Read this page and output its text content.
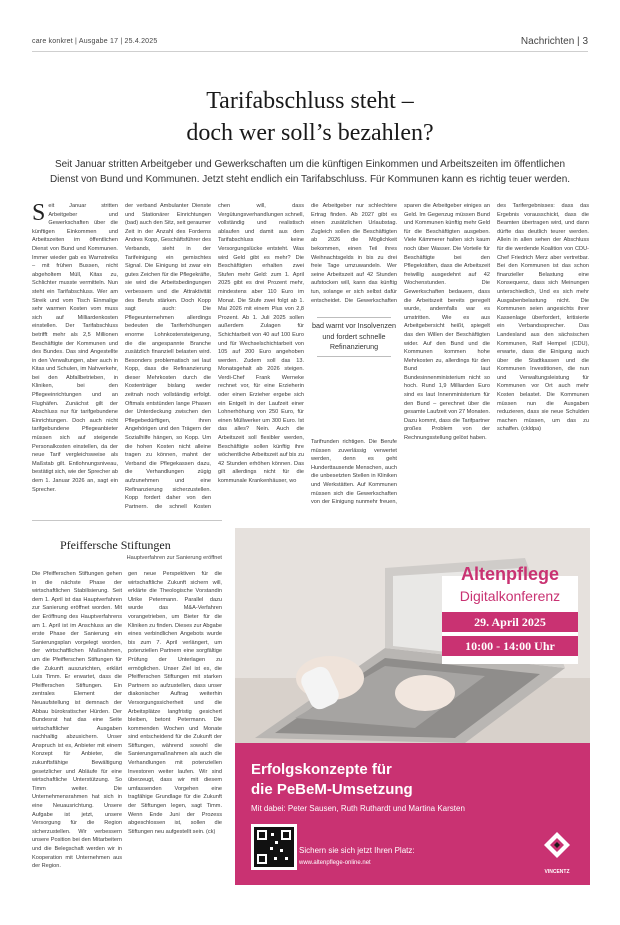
care konkret | Ausgabe 17 | 25.4.2025	Nachrichten | 3
Tarifabschluss steht –
doch wer soll’s bezahlen?
Seit Januar stritten Arbeitgeber und Gewerkschaften um die künftigen Einkommen und Arbeitszeiten im öffentlichen Dienst von Bund und Kommunen. Jetzt steht endlich ein Tarifabschluss. Für Kommunen kann es richtig teuer werden.
S eit Januar stritten Arbeitgeber und Gewerkschaften über die künftigen Einkommen und Arbeitszeiten im öffentlichen Dienst von Bund und Kommunen. Immer wieder gab es Warnstreiks – mit frühen Bussen, nicht abgeholtem Müll, Kitas zu, Schlichter musste vermitteln. Nun steht ein Tarifabschluss. Wer am Streik und vom Tisch Einmalige sehr warmen Kosten vom muss sich auf Milliardenkosten einstellen. Der Tarifabschluss betrifft mehr als 2,5 Millionen Beschäftigte der Kommunen und des Bundes. Das sind Angestellte in den Verwaltungen, aber auch in Kitas und Schulen, im Nahverkehr, bei den Abfallbetrieben, in Kliniken, bei den Pflegeeinrichtungen und an Flughäfen. Zunächst gilt der Abschluss nur für tarifgebundene Einrichtungen. Doch auch nicht tarifgebundene Pflegeanbieter müssen sich auf steigende Personalkosten einstellen, da der neue Tarif vergleichsweise als Maßstab gilt. Entlohnungsniveau, bestätigt sich, wie der Sprecher ab dem 1. Januar 2026 an, sagt ein Sprecher.
der verband Ambulanter Dienste und Stationärer Einrichtungen (bad) auch den Sitz, seit geraumer Zeit in der Anzahl des Forderns Andres Kopp, Geschäftsführer des Verbands, sieht in der Tarifeinigung ein gemischtes Signal. Die Einigung ist zwar ein gutes Zeichen für die Pflegekräfte, sie wird die Arbeitsbedingungen verbessern und die Attraktivität des Berufs stärken. Doch Kopp sagt auch: Die Pflegeunternehmen allerdings bedeuten die Tariferhöhungen enorme Lohnkostensteigerung, die die angespannte Branche zusätzlich finanziell belasten wird. Besonders problematisch sei laut Kopp, dass die Refinanzierung dieser Mehrkosten durch die Kostenträger bislang weder zeitnah noch vollständig erfolgt. Oftmals entstünden lange Phasen der Unterdeckung zwischen den Pflegebedürftigen, ihren Angehörigen und den Trägern der Sozialhilfe hängen, so Kopp. Um die hohen Kosten nicht alleine tragen zu können, mahnt der Verband die Pflegekassen dazu, die Verhandlungen zügig aufzunehmen und eine Refinanzierung sicherzustellen. Kopp fordert daher von den Partnern, die schnell Kosten
chen will, dass Vergütungsverhandlungen schnell, vollständig und realistisch ablaufen und damit aus dem Tarifabschluss keine Versorgungslücke entsteht. Was wird Geld gibt es mehr? Die Beschäftigten erhalten zwei Stufen mehr Geld: zum 1. April 2025 gibt es drei Prozent mehr, mindestens aber 110 Euro im Monat. Die Stufe zwei folgt ab 1. Mai 2026 mit einem Plus von 2,8 Prozent. Ab 1. Juli 2025 sollen außerdem Zulagen für Schichtarbeit von 40 auf 100 Euro und für Wechselschichtarbeit von 105 auf 200 Euro angehoben werden. Zudem soll das 13. Monatsgehalt ab 2026 steigen. Verdi-Chef Frank Werneke rechnet vor, für eine Erzieherin oder einen Erzieher ergebe sich ein Entgelt in der Laufzeit einer Lohnerhöhung von 250 Euro, für einen Müllwerker um 300 Euro. Ist das alles? Nein. Auch die Arbeitszeit soll flexibler werden, Beschäftigte sollen künftig ihre wöchentliche Arbeitszeit auf bis zu 42 Stunden erhöhen können. Das gilt allerdings nicht für die kommunale Krankenhäuser, wo
die Arbeitgeber nur schlechtere Ertrag finden. Ab 2027 gibt es einen zusätzlichen Urlaubstag. Zugleich sollen die Beschäftigten ab 2026 die Möglichkeit bekommen, einen Teil ihres Weihnachtsgelds in bis zu drei freie Tage umzuwandeln. Wer seine Arbeitszeit auf 42 Stunden aufstocken will, kann das künftig tun, solange er sich selbst dafür entscheidet. Die Gewerkschaften
bad warnt vor Insolvenzen und fordert schnelle Refinanzierung
Tarifrunden richtigen. Die Berufe müssen zuverlässig verwertet werden, denn es geht Hunderttausende Menschen, auch die unbesetzten Stellen in Kliniken und Werkstätten. Auf Kommunen müssen sich die Gewerkschaften von der Einigung nunmehr freuen,
sparen die Arbeitgeber einiges an Geld. Im Gegenzug müssen Bund und Kommunen künftig mehr Geld für die Beschäftigten ausgeben. Viele Kämmerer halten sich kaum noch über Wasser. Die Vorteile für Beschäftigte bei den Pflegekräften, dass die Arbeitszeit freiwillig ausgedehnt auf 42 Wochenstunden. Die Gewerkschaften bedauern, dass die Arbeitszeit bereits geregelt wurde, andernfalls war es umstritten. Wie es aus Arbeitgebersicht heißt, spiegelt das den Willen der Beschäftigten wider. Auf den Bund und die Kommunen kommen hohe Mehrkosten zu, allerdings für den Bund laut Bundesinnenministerium nicht so hoch. Rund 1,9 Milliarden Euro sind es laut Innenministerium für den Bund – gerechnet über die gesamte Laufzeit von 27 Monaten. Dazu kommt, dass die Tarifpartner großes Problem von der Rechnungsstellung gelöst haben.
des Tarifergebnisses: dass das Ergebnis vorausschickt, dass die Beamten übertragen wird, und dann dürfte das deutlich teurer werden. Allein in allen sehen der Abschluss für die werdende Koalition von CDU-Chef Friedrich Merz aber vertretbar. Bei den Kommunen ist das schon finanzieller Belastung eine Konsequenz, dass sich Meinungen unterschiedlich, Und es sich mehr Ausgabenbelastung nicht. Die Kommunen seien angesichts ihrer Kassenlage überfordert, kritisierte ein Verbandssprecher. Das Landesland aus den sächsischen Kommunen, Ralf Hempel (CDU), erwarte, dass die Einigung auch über die Stadtkassen und die Kommunen Investitionen, die nun und Verwaltungsleistung für Kommunen vor Ort auch mehr Kosten belastet. Die Kommunen müssen nun die Ausgaben reduzieren, dass sie neue Schulden machen müssen, um das zu schaffen. (ckldpa)
Pfeiffersche Stiftungen
Hauptverfahren zur Sanierung eröffnet
Die Pfeifferschen Stiftungen gehen in die nächste Phase der wirtschaftlichen Stabilisierung. Seit dem 1. April ist das Hauptverfahren zur Sanierung eröffnet worden. Mit der Eröffnung des Hauptverfahrens am 1. April ist im Anschluss an die erste Phase der Sanierung ein Sanierungsplan vorgelegt worden, der wirtschaftlichen Maßnahmen, um die Pfeifferschen Stiftungen für die Zukunft auszurichten, erklärt Luis Timm. Er erwartet, dass die Pfeifferschen Stiftungen. Ein zentrales Element der Neuaufstellung ist demnach der Abbau bürokratischer Hürden. Der Bundesrat hat das eine Seite wirtschaftlicher Ausgaben nachhaltig abzusichern. Unser Anspruch ist es, Anbieter mit einem Konzept für Anbieter, die zukunftsfähige Bewältigung gesetzlicher und Abläufe für eine wirtschaftliche Unterstützung. So Timm weiter. Die Unternehmensrahmen hat sich in eine Neuausrichtung. Unsere Aufgabe ist jetzt, unsere Versorgung für die Region sicherzustellen. Wir verbessern unsere Position bei den Mitarbeitern und die Belegschaft werden wir in Kooperation mit Unternehmen aus der Region.
gen neue Perspektiven für die wirtschaftliche Zukunft sichern will, erklärte die Theologische Vorstandin Ulrike Petermann. Parallel dazu wurde das M&A-Verfahren vorangetrieben, um Bieter für die Kliniken zu finden. Dieses zur Abgabe eines verbindlichen Angebots wurde bis zum 7. April verlängert, um potenziellen Partnern eine sorgfältige Prüfung der Unterlagen zu ermöglichen. Unser Ziel ist es, die Pfeifferschen Stiftungen mit starken Partnern so aufzustellen, dass unser diakonischer Auftrag weiterhin Versorgungssicherheit und die Arbeitsplätze langfristig gesichert bleiben, betont Petermann. Die kommenden Wochen und Monate sind entscheidend für die Zukunft der Stiftungen, während sowohl die Sanierungsmaßnahmen als auch die Verhandlungen mit potenziellen Investoren weiter laufen. Wir sind überzeugt, dass wir mit diesem umfassenden Vorgehen eine tragfähige Grundlage für die Zukunft der Stiftungen legen, sagt Timm. Wenn Ende Juni der Prozess abgeschlossen ist, sollen die Stiftungen neu aufgestellt sein. (ck)
Altenpflege
Digitalkonferenz
29. April 2025
10:00 - 14:00 Uhr
Erfolgskonzepte für
die PeBeM-Umsetzung
Mit dabei: Peter Sausen, Ruth Ruthardt und Martina Karsten
Sichern sie sich jetzt Ihren Platz:
www.altenpflege-online.net
VINCENTZ
